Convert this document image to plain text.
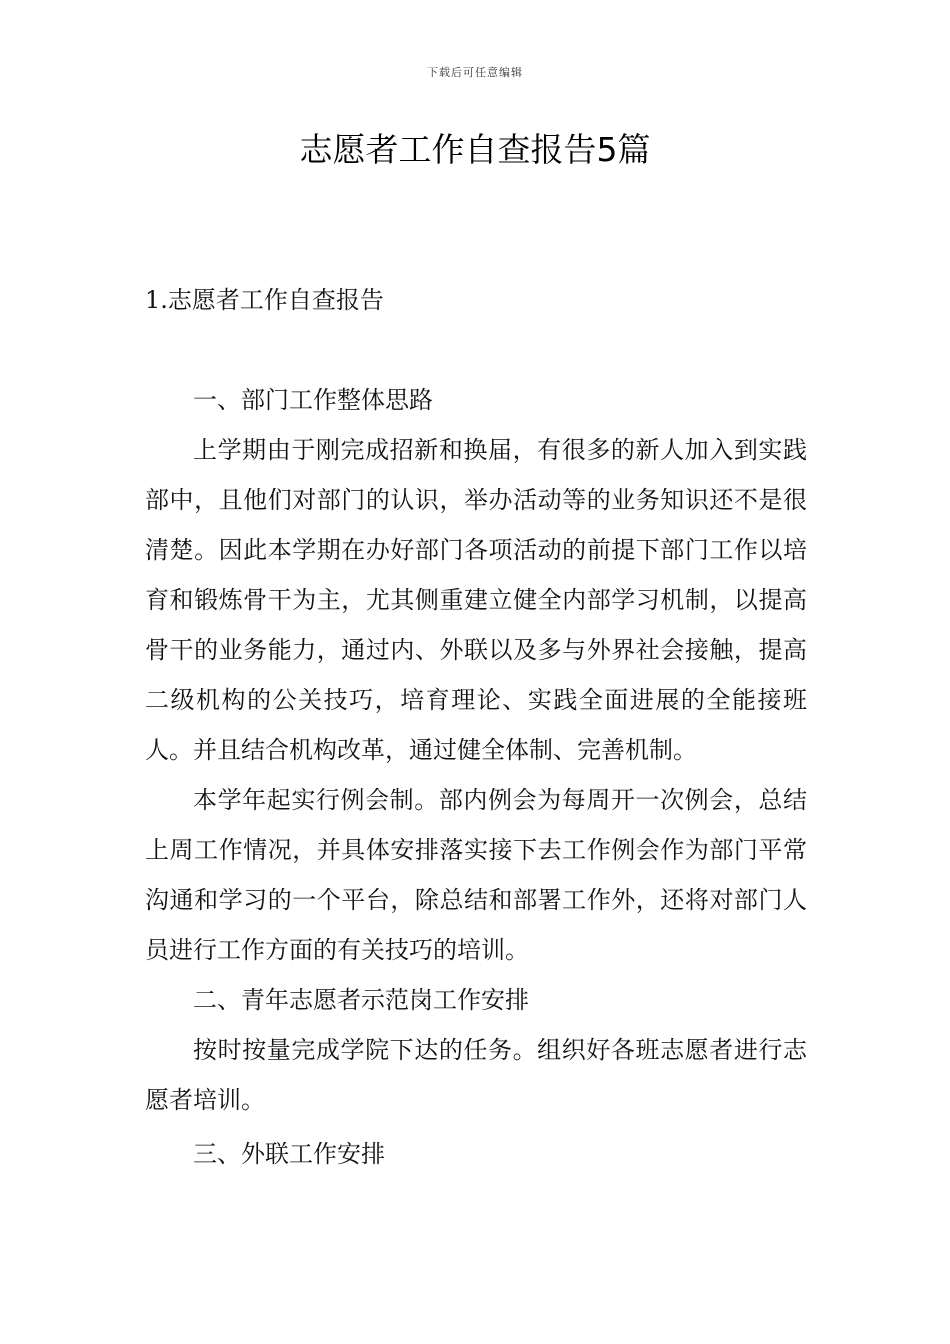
下载后可任意编辑
志愿者工作自查报告5篇
1.志愿者工作自查报告

一、部门工作整体思路

上学期由于刚完成招新和换届，有很多的新人加入到实践部中，且他们对部门的认识，举办活动等的业务知识还不是很清楚。因此本学期在办好部门各项活动的前提下部门工作以培育和锻炼骨干为主，尤其侧重建立健全内部学习机制，以提高骨干的业务能力，通过内、外联以及多与外界社会接触，提高二级机构的公关技巧，培育理论、实践全面进展的全能接班人。并且结合机构改革，通过健全体制、完善机制。

本学年起实行例会制。部内例会为每周开一次例会，总结上周工作情况，并具体安排落实接下去工作例会作为部门平常沟通和学习的一个平台，除总结和部署工作外，还将对部门人员进行工作方面的有关技巧的培训。

二、青年志愿者示范岗工作安排

按时按量完成学院下达的任务。组织好各班志愿者进行志愿者培训。

三、外联工作安排
